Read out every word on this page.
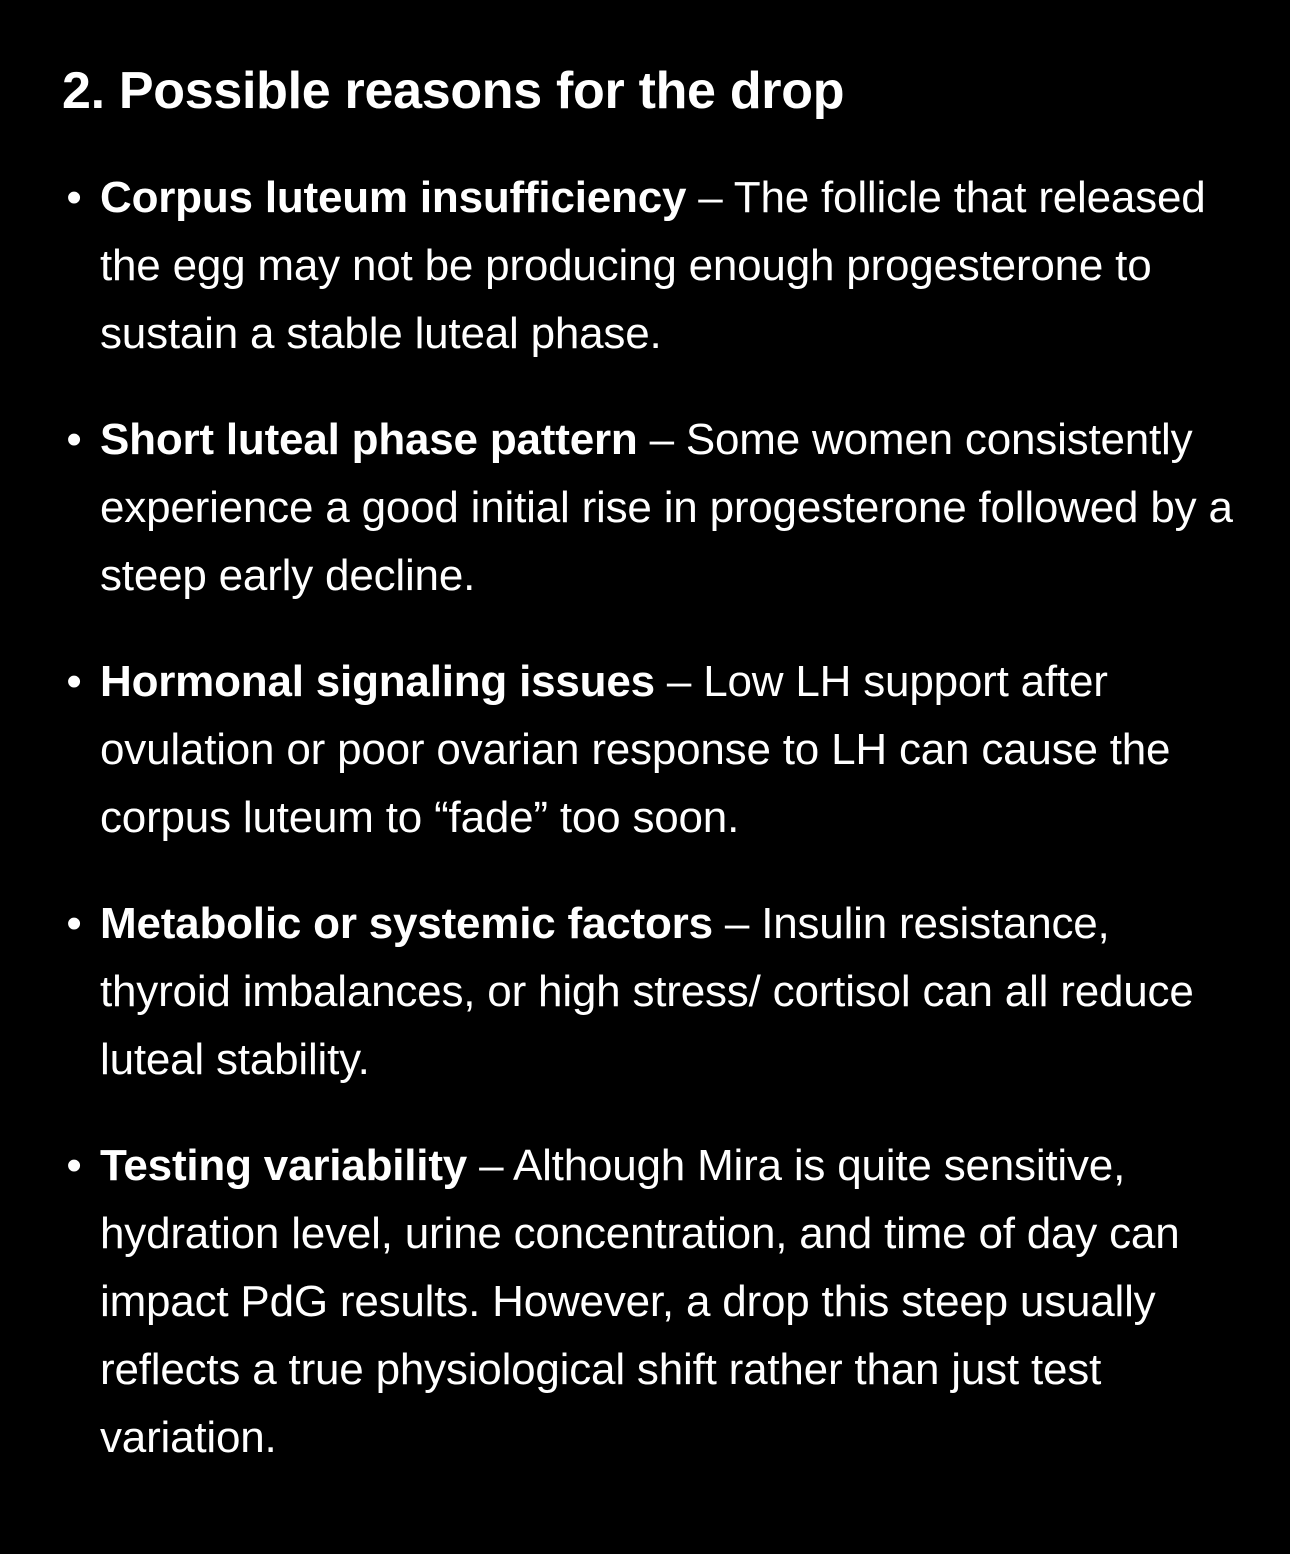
2. Possible reasons for the drop
• Corpus luteum insufficiency – The follicle that released the egg may not be producing enough progesterone to sustain a stable luteal phase.
• Short luteal phase pattern – Some women consistently experience a good initial rise in progesterone followed by a steep early decline.
• Hormonal signaling issues – Low LH support after ovulation or poor ovarian response to LH can cause the corpus luteum to “fade” too soon.
• Metabolic or systemic factors – Insulin resistance, thyroid imbalances, or high stress/ cortisol can all reduce luteal stability.
• Testing variability – Although Mira is quite sensitive, hydration level, urine concentration, and time of day can impact PdG results. However, a drop this steep usually reflects a true physiological shift rather than just test variation.
